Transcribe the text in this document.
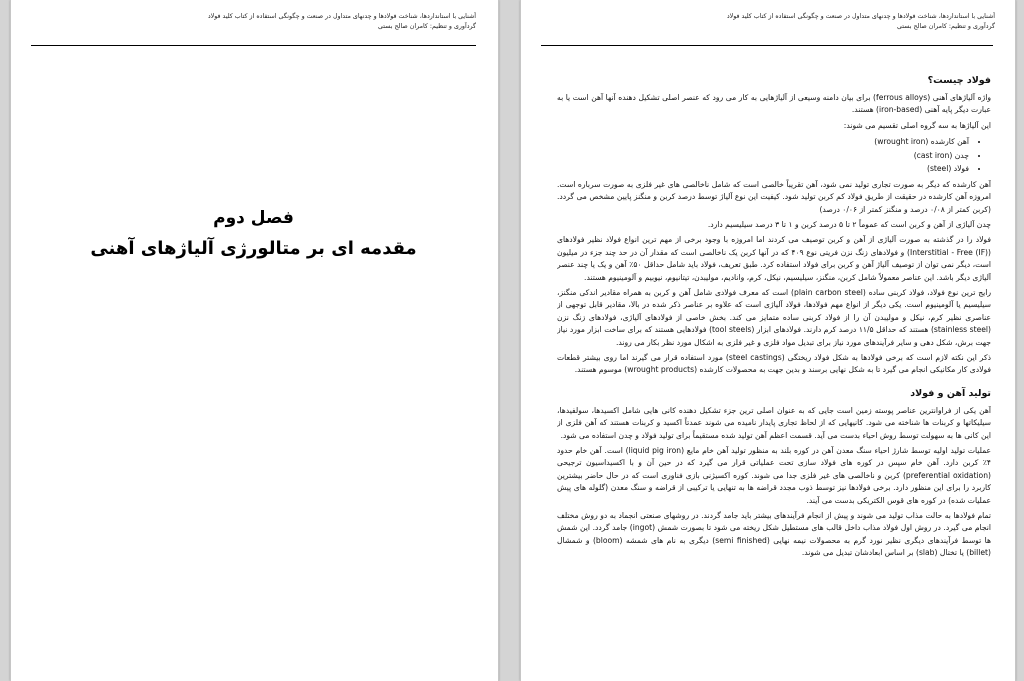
آشنایی با استانداردها، شناخت فولادها و چدنهای متداول در صنعت و چگونگی استفاده از کتاب کلید فولاد
گردآوری و تنظیم: کامران صالح بستی
فصل دوم
مقدمه ای بر متالورژی آلیاژهای آهنی
آشنایی با استانداردها، شناخت فولادها و چدنهای متداول در صنعت و چگونگی استفاده از کتاب کلید فولاد
گردآوری و تنظیم: کامران صالح بستی
فولاد چیست؟

واژه آلیاژهای آهنی (ferrous alloys) برای بیان دامنه وسیعی از آلیاژهایی به کار می رود که عنصر اصلی تشکیل دهنده آنها آهن است یا به عبارت دیگر پایه آهنی (iron-based) هستند.

این آلیاژها به سه گروه اصلی تقسیم می شوند:

• آهن کارشده (wrought iron)
• چدن (cast iron)
• فولاد (steel)

آهن کارشده که دیگر به صورت تجاری تولید نمی شود، آهن تقریباً خالصی است که شامل ناخالصی های غیر فلزی به صورت سرباره است. امروزه آهن کارشده در حقیقت از طریق فولاد کم کربن تولید شود. کیفیت این نوع آلیاژ توسط درصد کربن و منگنز پایین مشخص می گردد. (کربن کمتر از ۰/۰۸ درصد و منگنز کمتر از ۰/۰۶ درصد)

چدن آلیاژی از آهن و کربن است که عموماً ۲ تا ۵ درصد کربن و ۱ تا ۳ درصد سیلیسیم دارد.

فولاد را در گذشته به صورت آلیاژی از آهن و کربن توصیف می کردند اما امروزه با وجود برخی از مهم ترین انواع فولاد نظیر فولادهای (Interstitial - Free (IF)) و فولادهای زنگ نزن فریتی نوع ۴۰۹ که در آنها کربن یک ناخالصی است که مقدار آن در حد چند جزء در میلیون است، دیگر نمی توان از توصیف آلیاژ آهن و کربن برای فولاد استفاده کرد. طبق تعریف، فولاد باید شامل حداقل ۵۰٪ آهن و یک یا چند عنصر آلیاژی دیگر باشد. این عناصر معمولاً شامل کربن، منگنز، سیلیسیم، نیکل، کرم، وانادیم، مولیبدن، تیتانیوم، نیوبیم و آلومینیوم هستند.

رایج ترین نوع فولاد، فولاد کربنی ساده (plain carbon steel) است که معرف فولادی شامل آهن و کربن به همراه مقادیر اندکی منگنز، سیلیسیم یا آلومینیوم است. یکی دیگر از انواع مهم فولادها، فولاد آلیاژی است که علاوه بر عناصر ذکر شده در بالا، مقادیر قابل توجهی از عناصری نظیر کرم، نیکل و مولیبدن آن را از فولاد کربنی ساده متمایز می کند. بخش خاصی از فولادهای آلیاژی، فولادهای زنگ نزن (stainless steel) هستند که حداقل ۱۱/۵ درصد کرم دارند. فولادهای ابزار (tool steels) فولادهایی هستند که برای ساخت ابزار مورد نیاز جهت برش، شکل دهی و سایر فرآیندهای مورد نیاز برای تبدیل مواد فلزی و غیر فلزی به اشکال مورد نظر بکار می روند.

ذکر این نکته لازم است که برخی فولادها به شکل فولاد ریختگی (steel castings) مورد استفاده قرار می گیرند اما روی بیشتر قطعات فولادی کار مکانیکی انجام می گیرد تا به شکل نهایی برسند و بدین جهت به محصولات کارشده (wrought products) موسوم هستند.

تولید آهن و فولاد

آهن یکی از فراوانترین عناصر پوسته زمین است جایی که به عنوان اصلی ترین جزء تشکیل دهنده کانی هایی شامل اکسیدها، سولفیدها، سیلیکاتها و کربنات ها شناخته می شود. کانیهایی که از لحاظ تجاری پایدار نامیده می شوند عمدتاً اکسید و کربنات هستند که آهن فلزی از این کانی ها به سهولت توسط روش احیاء بدست می آید. قسمت اعظم آهن تولید شده مستقیماً برای تولید فولاد و چدن استفاده می شود.

عملیات تولید اولیه توسط شارژ احیاء سنگ معدن آهن در کوره بلند به منظور تولید آهن خام مایع (liquid pig iron) است. آهن خام حدود ۴٪ کربن دارد. آهن خام سپس در کوره های فولاد سازی تحت عملیاتی قرار می گیرد که در حین آن و با اکسیداسیون ترجیحی (preferential oxidation) کربن و ناخالصی های غیر فلزی جدا می شوند. کوره اکسیژنی بازی فناوری است که در حال حاضر بیشترین کاربرد را برای این منظور دارد. برخی فولادها نیز توسط ذوب مجدد قراضه ها به تنهایی یا ترکیبی از قراضه و سنگ معدن (گلوله های پیش عملیات شده) در کوره های قوس الکتریکی بدست می آیند.

تمام فولادها به حالت مذاب تولید می شوند و پیش از انجام فرآیندهای بیشتر باید جامد گردند. در روشهای صنعتی انجماد به دو روش مختلف انجام می گیرد. در روش اول فولاد مذاب داخل قالب های مستطیل شکل ریخته می شود تا بصورت شمش (ingot) جامد گردد. این شمش ها توسط فرآیندهای دیگری نظیر نورد گرم به محصولات نیمه نهایی (semi finished) دیگری به نام های شمشه (bloom) و شمشال (billet) یا تختال (slab) بر اساس ابعادشان تبدیل می شوند.
